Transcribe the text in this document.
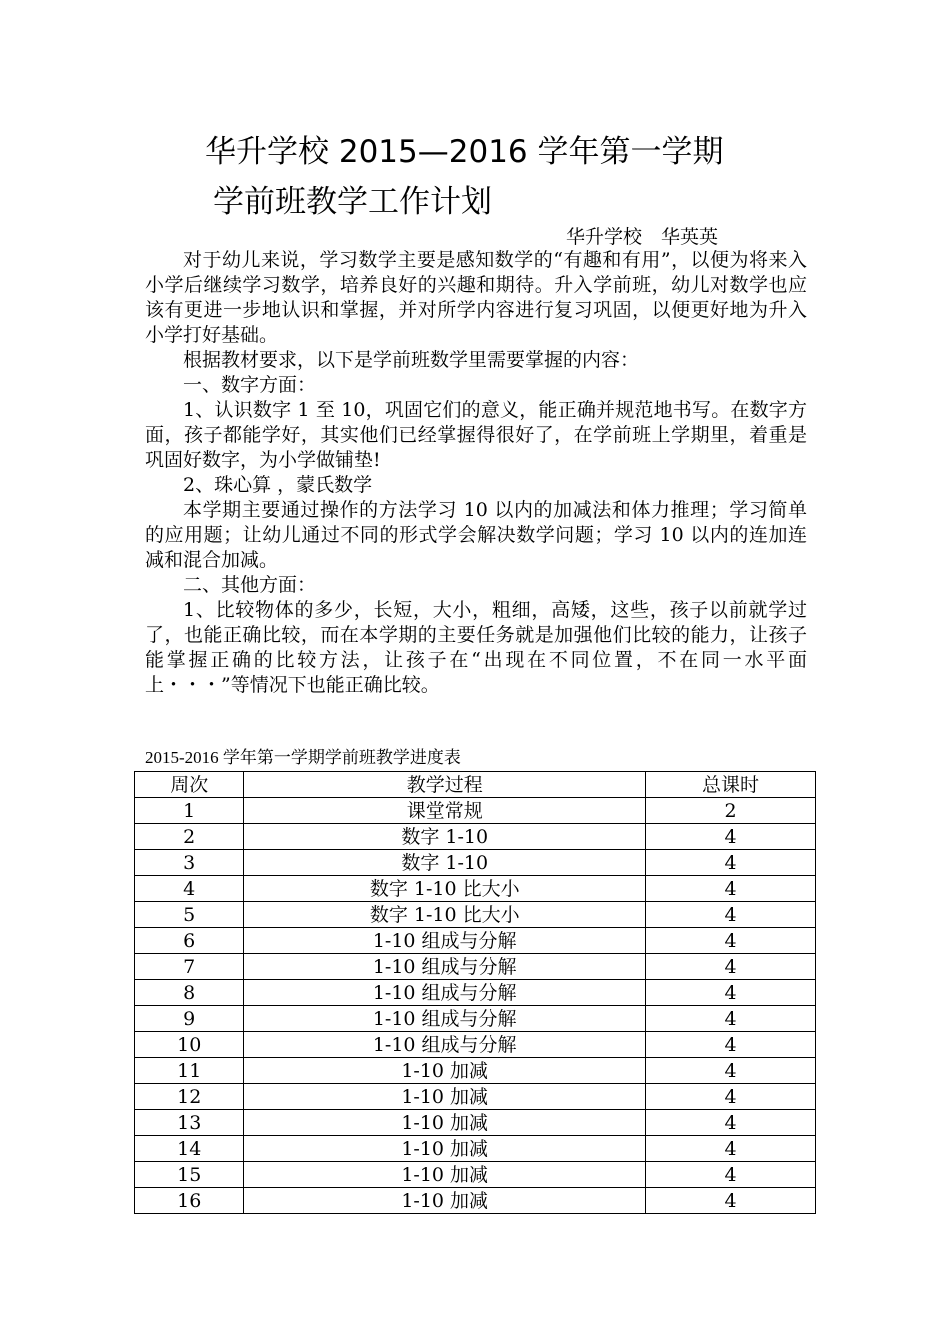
华升学校 2015—2016 学年第一学期
学前班教学工作计划
华升学校　华英英

对于幼儿来说，学习数学主要是感知数学的“有趣和有用”，以便为将来入小学后继续学习数学，培养良好的兴趣和期待。升入学前班，幼儿对数学也应该有更进一步地认识和掌握，并对所学内容进行复习巩固，以便更好地为升入小学打好基础。

根据教材要求，以下是学前班数学里需要掌握的内容：

一、数字方面：

1、认识数字 1 至 10，巩固它们的意义，能正确并规范地书写。在数字方面，孩子都能学好，其实他们已经掌握得很好了，在学前班上学期里，着重是巩固好数字，为小学做铺垫!

2、珠心算 ，蒙氏数学

本学期主要通过操作的方法学习 10 以内的加减法和体力推理；学习简单的应用题；让幼儿通过不同的形式学会解决数学问题；学习 10 以内的连加连减和混合加减。

二、其他方面：

1、比较物体的多少，长短，大小，粗细，高矮，这些，孩子以前就学过了，也能正确比较，而在本学期的主要任务就是加强他们比较的能力，让孩子能掌握正确的比较方法，让孩子在“出现在不同位置，不在同一水平面上・・・”等情况下也能正确比较。

2015-2016 学年第一学期学前班教学进度表
周次	教学过程	总课时
1	课堂常规	2
2	数字 1-10	4
3	数字 1-10	4
4	数字 1-10 比大小	4
5	数字 1-10 比大小	4
6	1-10 组成与分解	4
7	1-10 组成与分解	4
8	1-10 组成与分解	4
9	1-10 组成与分解	4
10	1-10 组成与分解	4
11	1-10 加减	4
12	1-10 加减	4
13	1-10 加减	4
14	1-10 加减	4
15	1-10 加减	4
16	1-10 加减	4
